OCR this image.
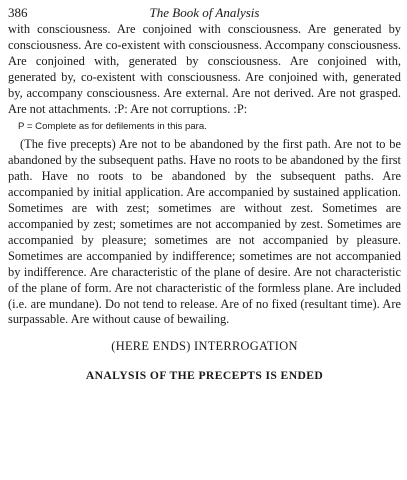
386	The Book of Analysis

with consciousness. Are conjoined with consciousness. Are generated by consciousness. Are co-existent with consciousness. Accompany consciousness. Are conjoined with, generated by consciousness. Are conjoined with, generated by, co-existent with consciousness. Are conjoined with, generated by, accompany consciousness. Are external. Are not derived. Are not grasped. Are not attachments. :P: Are not corruptions. :P:

P = Complete as for defilements in this para.

(The five precepts) Are not to be abandoned by the first path. Are not to be abandoned by the subsequent paths. Have no roots to be abandoned by the first path. Have no roots to be abandoned by the subsequent paths. Are accompanied by initial application. Are accompanied by sustained application. Sometimes are with zest; sometimes are without zest. Sometimes are accompanied by zest; sometimes are not accompanied by zest. Sometimes are accompanied by pleasure; sometimes are not accompanied by pleasure. Sometimes are accompanied by indifference; sometimes are not accompanied by indifference. Are characteristic of the plane of desire. Are not characteristic of the plane of form. Are not characteristic of the formless plane. Are included (i.e. are mundane). Do not tend to release. Are of no fixed (resultant time). Are surpassable. Are without cause of bewailing.

(HERE ENDS) INTERROGATION
ANALYSIS OF THE PRECEPTS IS ENDED
